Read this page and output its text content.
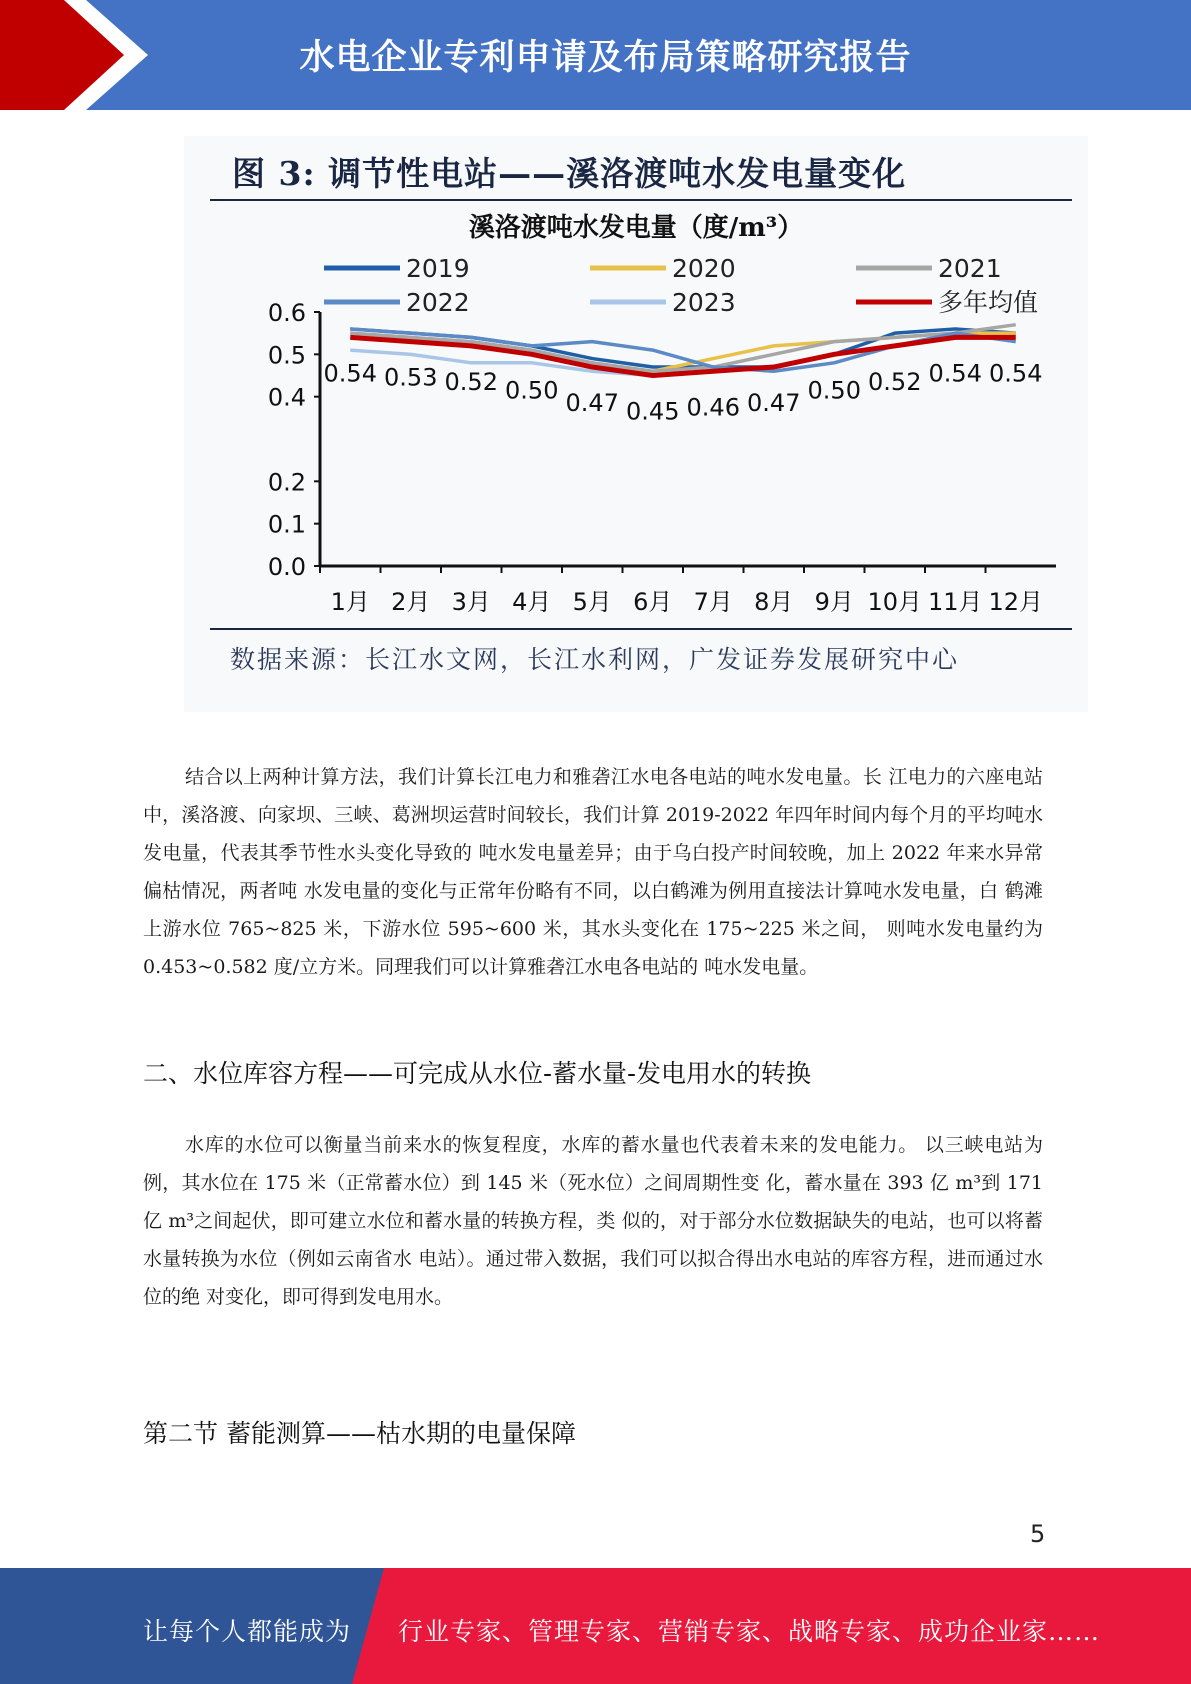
水电企业专利申请及布局策略研究报告
图 3: 调节性电站——溪洛渡吨水发电量变化
溪洛渡吨水发电量（度/m³）
2019	2020	2021
2022	2023	多年均值
0.0
0.1
0.2
0.4
0.5
0.6
1月 2月 3月 4月 5月 6月 7月 8月 9月 10月 11月 12月
0.54 0.53 0.52 0.50 0.47 0.45 0.46 0.47 0.50 0.52 0.54 0.54
数据来源：长江水文网，长江水利网，广发证券发展研究中心

结合以上两种计算方法，我们计算长江电力和雅砻江水电各电站的吨水发电量。长 江电力的六座电站中，溪洛渡、向家坝、三峡、葛洲坝运营时间较长，我们计算 2019-2022 年四年时间内每个月的平均吨水发电量，代表其季节性水头变化导致的 吨水发电量差异；由于乌白投产时间较晚，加上 2022 年来水异常偏枯情况，两者吨 水发电量的变化与正常年份略有不同，以白鹤滩为例用直接法计算吨水发电量，白 鹤滩上游水位 765~825 米，下游水位 595~600 米，其水头变化在 175~225 米之间， 则吨水发电量约为 0.453~0.582 度/立方米。同理我们可以计算雅砻江水电各电站的 吨水发电量。

二、水位库容方程——可完成从水位-蓄水量-发电用水的转换

水库的水位可以衡量当前来水的恢复程度，水库的蓄水量也代表着未来的发电能力。 以三峡电站为例，其水位在 175 米（正常蓄水位）到 145 米（死水位）之间周期性变 化，蓄水量在 393 亿 m³到 171 亿 m³之间起伏，即可建立水位和蓄水量的转换方程，类 似的，对于部分水位数据缺失的电站，也可以将蓄水量转换为水位（例如云南省水 电站）。通过带入数据，我们可以拟合得出水电站的库容方程，进而通过水位的绝 对变化，即可得到发电用水。

第二节 蓄能测算——枯水期的电量保障
5
让每个人都能成为 行业专家、管理专家、营销专家、战略专家、成功企业家……
